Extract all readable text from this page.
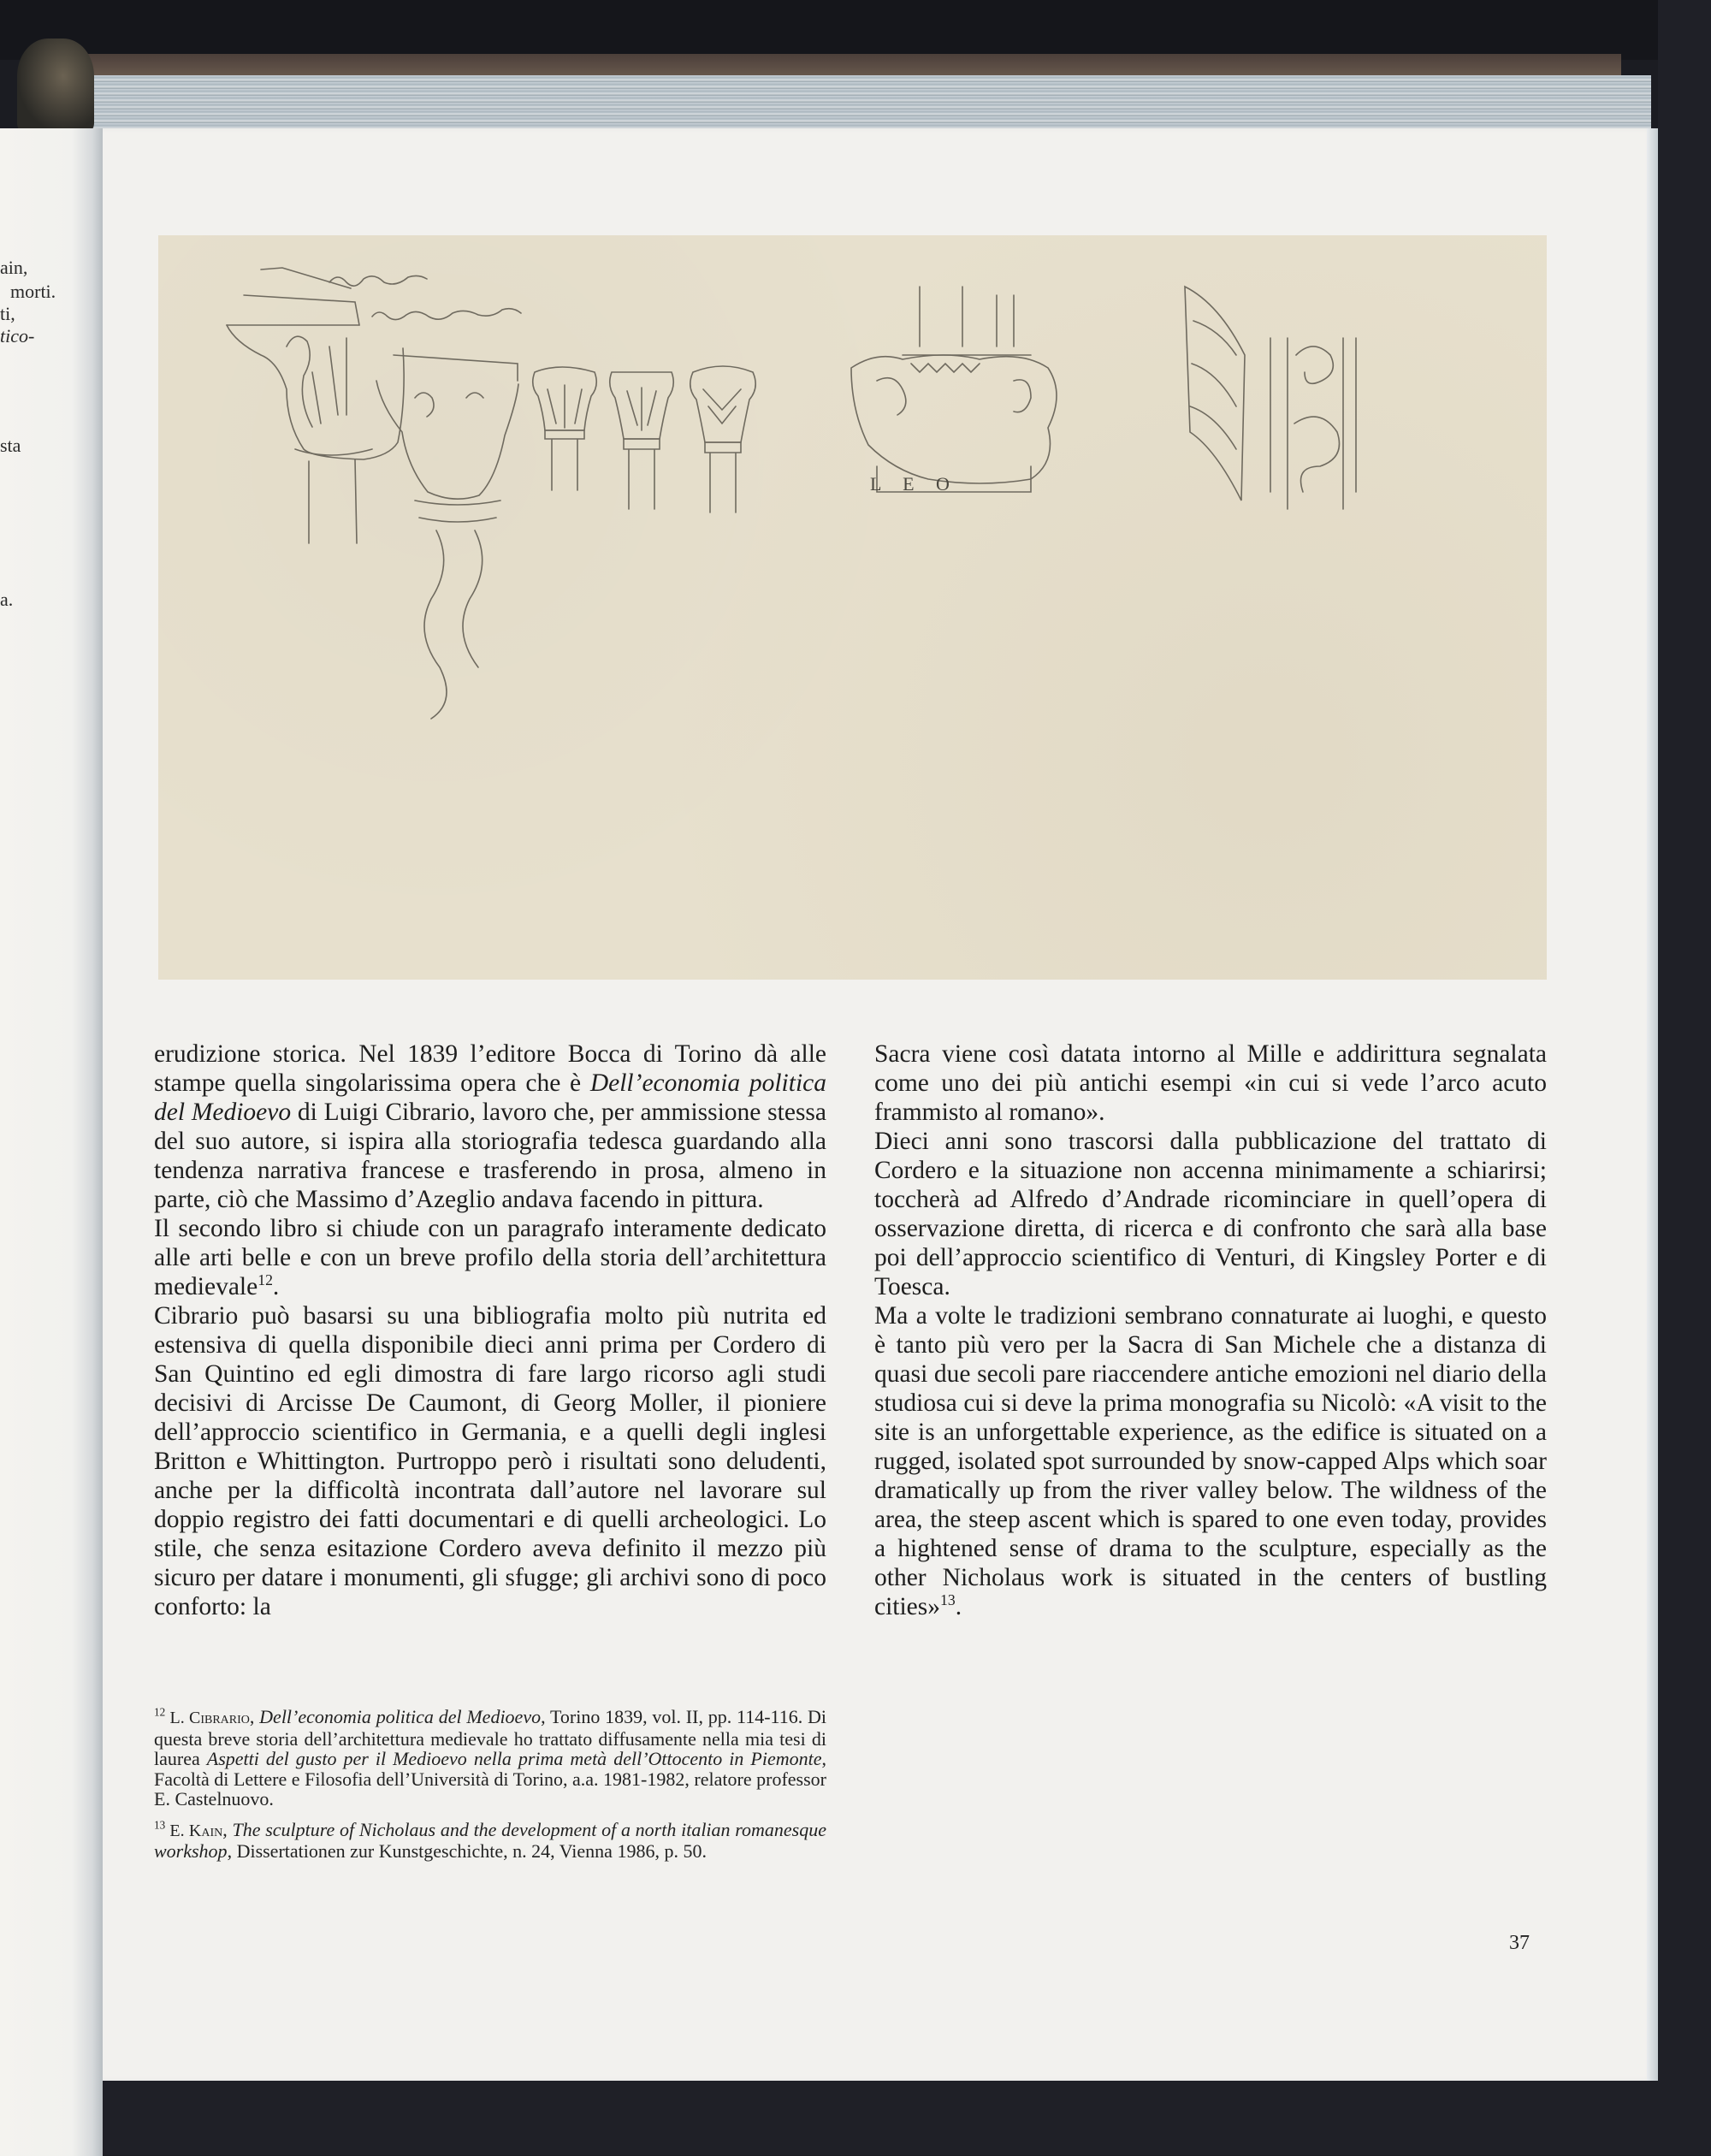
ain,
morti.
ti,
tico-
sta
a.
L E O

erudizione storica. Nel 1839 l’editore Bocca di Torino dà alle stampe quella singolarissima opera che è Dell’economia politica del Medioevo di Luigi Cibrario, lavoro che, per ammissione stessa del suo autore, si ispira alla storiografia tedesca guardando alla tendenza narrativa francese e trasferendo in prosa, almeno in parte, ciò che Massimo d’Azeglio andava facendo in pittura.

Il secondo libro si chiude con un paragrafo interamente dedicato alle arti belle e con un breve profilo della storia dell’architettura medievale$^{12}$.

Cibrario può basarsi su una bibliografia molto più nutrita ed estensiva di quella disponibile dieci anni prima per Cordero di San Quintino ed egli dimostra di fare largo ricorso agli studi decisivi di Arcisse De Caumont, di Georg Moller, il pioniere dell’approccio scientifico in Germania, e a quelli degli inglesi Britton e Whittington. Purtroppo però i risultati sono deludenti, anche per la difficoltà incontrata dall’autore nel lavorare sul doppio registro dei fatti documentari e di quelli archeologici. Lo stile, che senza esitazione Cordero aveva definito il mezzo più sicuro per datare i monumenti, gli sfugge; gli archivi sono di poco conforto: la

Sacra viene così datata intorno al Mille e addirittura segnalata come uno dei più antichi esempi «in cui si vede l’arco acuto frammisto al romano».

Dieci anni sono trascorsi dalla pubblicazione del trattato di Cordero e la situazione non accenna minimamente a schiarirsi; toccherà ad Alfredo d’Andrade ricominciare in quell’opera di osservazione diretta, di ricerca e di confronto che sarà alla base poi dell’approccio scientifico di Venturi, di Kingsley Porter e di Toesca.

Ma a volte le tradizioni sembrano connaturate ai luoghi, e questo è tanto più vero per la Sacra di San Michele che a distanza di quasi due secoli pare riaccendere antiche emozioni nel diario della studiosa cui si deve la prima monografia su Nicolò: «A visit to the site is an unforgettable experience, as the edifice is situated on a rugged, isolated spot surrounded by snow-capped Alps which soar dramatically up from the river valley below. The wildness of the area, the steep ascent which is spared to one even today, provides a hightened sense of drama to the sculpture, especially as the other Nicholaus work is situated in the centers of bustling cities»$^{13}$.

$^{12}$ L. Cibrario, Dell’economia politica del Medioevo, Torino 1839, vol. II, pp. 114-116. Di questa breve storia dell’architettura medievale ho trattato diffusamente nella mia tesi di laurea Aspetti del gusto per il Medioevo nella prima metà dell’Ottocento in Piemonte, Facoltà di Lettere e Filosofia dell’Università di Torino, a.a. 1981-1982, relatore professor E. Castelnuovo.

$^{13}$ E. Kain, The sculpture of Nicholaus and the development of a north italian romanesque workshop, Dissertationen zur Kunstgeschichte, n. 24, Vienna 1986, p. 50.

37
